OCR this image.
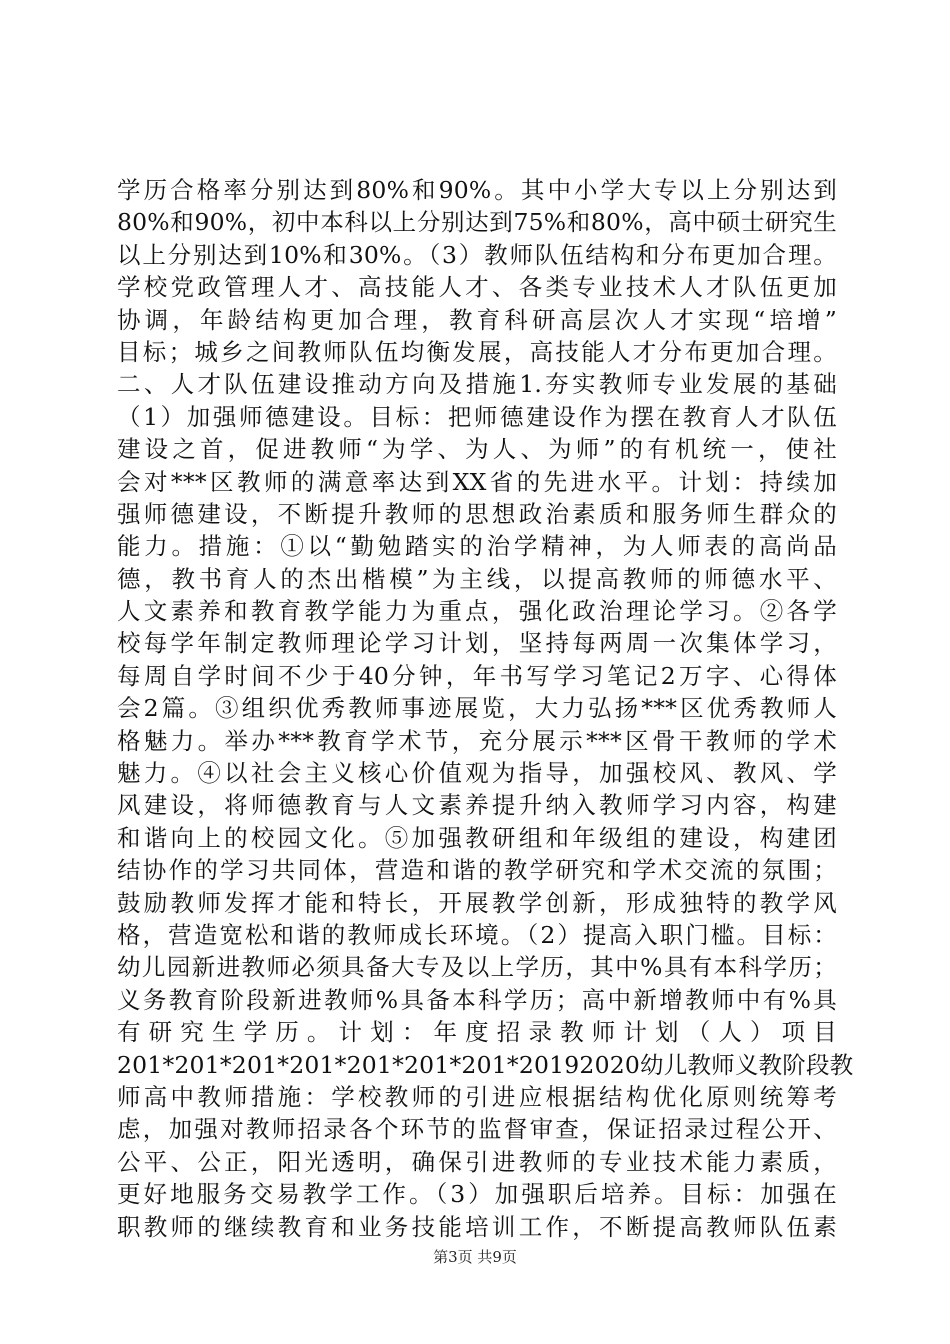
学历合格率分别达到80%和90%。其中小学大专以上分别达到
80%和90%，初中本科以上分别达到75%和80%，高中硕士研究生
以上分别达到10%和30%。（3）教师队伍结构和分布更加合理。
学校党政管理人才、高技能人才、各类专业技术人才队伍更加
协调，年龄结构更加合理，教育科研高层次人才实现“培增”
目标；城乡之间教师队伍均衡发展，高技能人才分布更加合理。
二、人才队伍建设推动方向及措施1.夯实教师专业发展的基础
（1）加强师德建设。目标：把师德建设作为摆在教育人才队伍
建设之首，促进教师“为学、为人、为师”的有机统一，使社
会对***区教师的满意率达到XX省的先进水平。计划：持续加
强师德建设，不断提升教师的思想政治素质和服务师生群众的
能力。措施：①以“勤勉踏实的治学精神，为人师表的高尚品
德，教书育人的杰出楷模”为主线，以提高教师的师德水平、
人文素养和教育教学能力为重点，强化政治理论学习。②各学
校每学年制定教师理论学习计划，坚持每两周一次集体学习，
每周自学时间不少于40分钟，年书写学习笔记2万字、心得体
会2篇。③组织优秀教师事迹展览，大力弘扬***区优秀教师人
格魅力。举办***教育学术节，充分展示***区骨干教师的学术
魅力。④以社会主义核心价值观为指导，加强校风、教风、学
风建设，将师德教育与人文素养提升纳入教师学习内容，构建
和谐向上的校园文化。⑤加强教研组和年级组的建设，构建团
结协作的学习共同体，营造和谐的教学研究和学术交流的氛围；
鼓励教师发挥才能和特长，开展教学创新，形成独特的教学风
格，营造宽松和谐的教师成长环境。（2）提高入职门槛。目标：
幼儿园新进教师必须具备大专及以上学历，其中%具有本科学历；
义务教育阶段新进教师%具备本科学历；高中新增教师中有%具
有研究生学历。计划：年度招录教师计划（人）项目
201*201*201*201*201*201*201*20192020幼儿教师义教阶段教
师高中教师措施：学校教师的引进应根据结构优化原则统筹考
虑，加强对教师招录各个环节的监督审查，保证招录过程公开、
公平、公正，阳光透明，确保引进教师的专业技术能力素质，
更好地服务交易教学工作。（3）加强职后培养。目标：加强在
职教师的继续教育和业务技能培训工作，不断提高教师队伍素
第3页 共9页
